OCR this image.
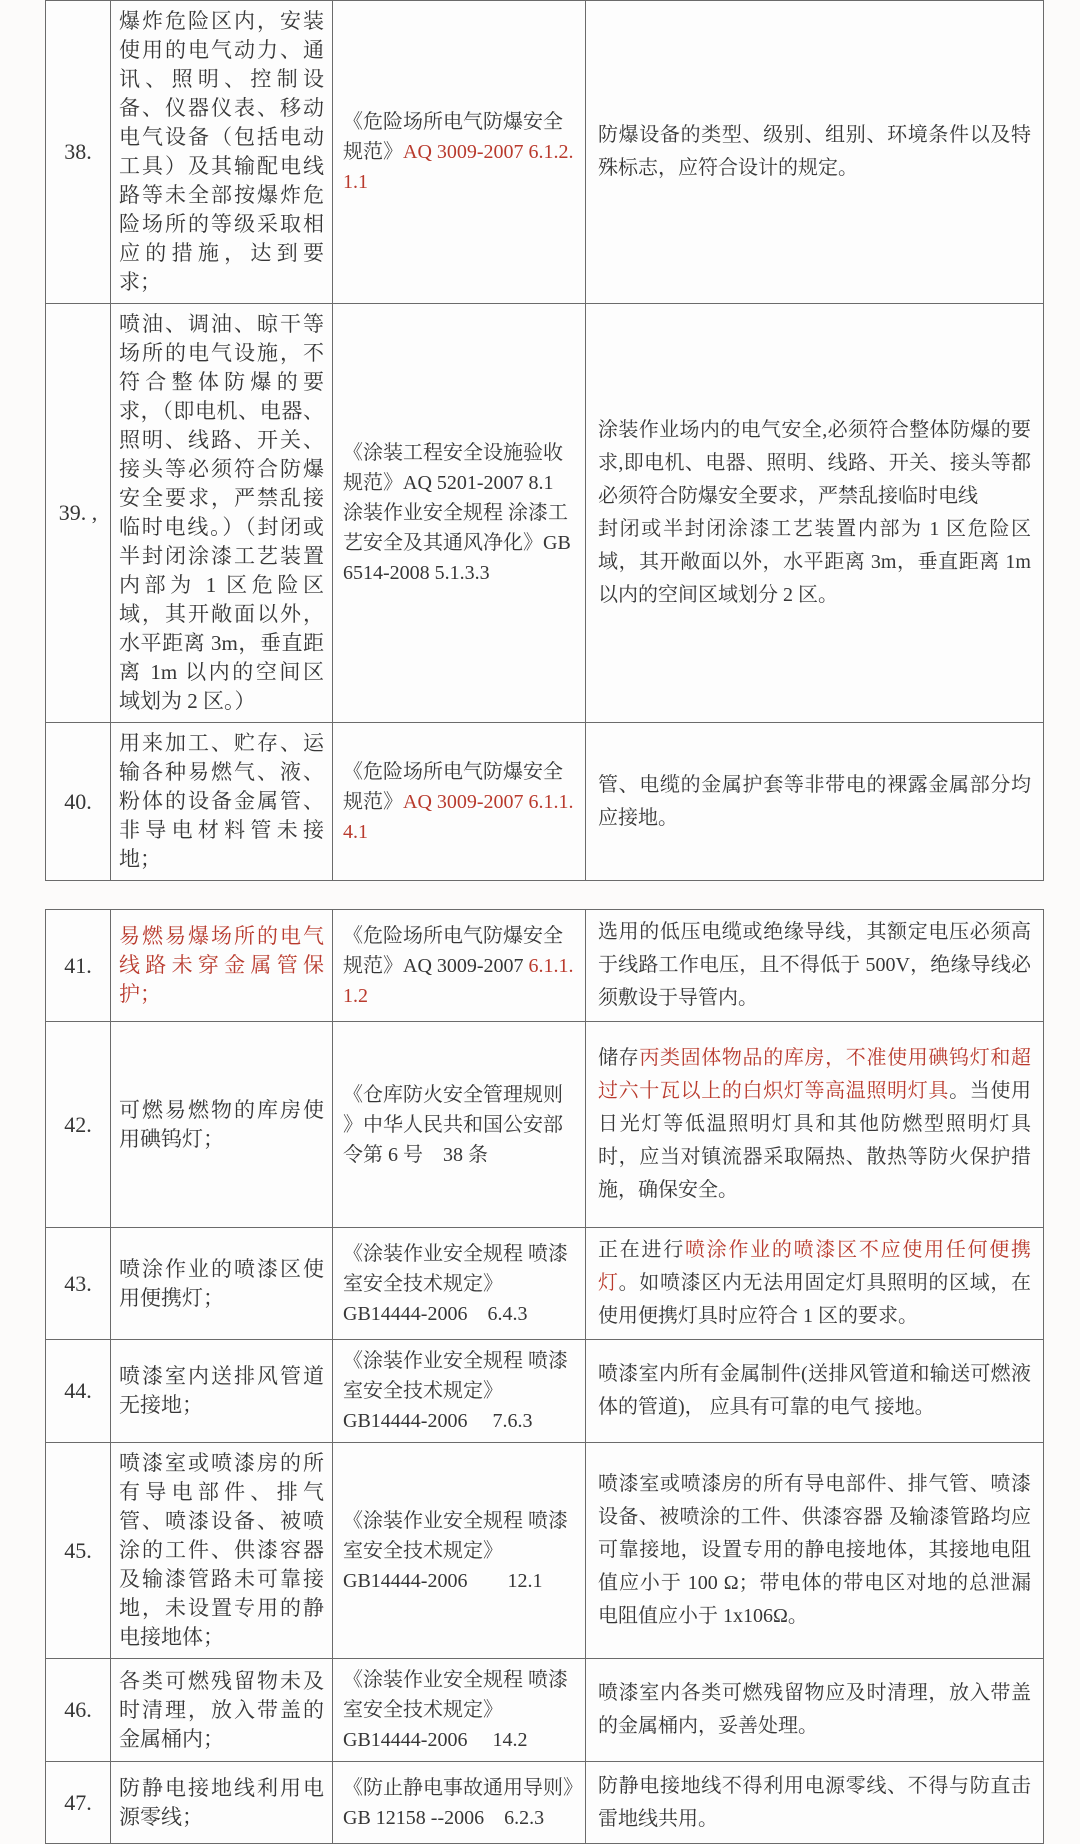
38.	爆炸危险区内，安装使用的电气动力、通讯、照明、控制设备、仪器仪表、移动电气设备（包括电动工具）及其输配电线路等未全部按爆炸危险场所的等级采取相应的措施，达到要求；	《危险场所电气防爆安全规范》AQ 3009-2007 6.1.2.1.1	防爆设备的类型、级别、组别、环境条件以及特殊标志，应符合设计的规定。
39. ,	喷油、调油、晾干等场所的电气设施，不符合整体防爆的要求，（即电机、电器、照明、线路、开关、接头等必须符合防爆安全要求，严禁乱接临时电线。）（封闭或半封闭涂漆工艺装置内部为 1 区危险区域，其开敞面以外，水平距离 3m，垂直距离 1m 以内的空间区域划为 2 区。）	《涂装工程安全设施验收规范》AQ 5201-2007 8.1 涂装作业安全规程 涂漆工艺安全及其通风净化》GB 6514-2008 5.1.3.3	涂装作业场内的电气安全,必须符合整体防爆的要求,即电机、电器、照明、线路、开关、接头等都必须符合防爆安全要求，严禁乱接临时电线
封闭或半封闭涂漆工艺装置内部为 1 区危险区域，其开敞面以外，水平距离 3m，垂直距离 1m 以内的空间区域划分 2 区。

40.	用来加工、贮存、运输各种易燃气、液、粉体的设备金属管、非导电材料管未接地；	《危险场所电气防爆安全规范》AQ 3009-2007 6.1.1.4.1	管、电缆的金属护套等非带电的裸露金属部分均应接地。
41.	易燃易爆场所的电气线路未穿金属管保护；	《危险场所电气防爆安全规范》AQ 3009-2007 6.1.1.1.2	选用的低压电缆或绝缘导线，其额定电压必须高于线路工作电压，且不得低于 500V，绝缘导线必须敷设于导管内。
42.	可燃易燃物的库房使用碘钨灯；	《仓库防火安全管理规则 》中华人民共和国公安部令第 6 号　38 条	储存丙类固体物品的库房，不准使用碘钨灯和超过六十瓦以上的白炽灯等高温照明灯具。当使用日光灯等低温照明灯具和其他防燃型照明灯具时，应当对镇流器采取隔热、散热等防火保护措施，确保安全。
43.	喷涂作业的喷漆区使用便携灯；	《涂装作业安全规程 喷漆室安全技术规定》
GB14444-2006　6.4.3	正在进行喷涂作业的喷漆区不应使用任何便携灯。如喷漆区内无法用固定灯具照明的区域，在使用便携灯具时应符合 1 区的要求。
44.	喷漆室内送排风管道无接地；	《涂装作业安全规程 喷漆室安全技术规定》
GB14444-2006　 7.6.3	喷漆室内所有金属制件(送排风管道和输送可燃液体的管道)， 应具有可靠的电气 接地。
45.	喷漆室或喷漆房的所有导电部件、排气管、喷漆设备、被喷涂的工件、供漆容器及输漆管路未可靠接地，未设置专用的静电接地体；	《涂装作业安全规程 喷漆室安全技术规定》
GB14444-2006　　12.1	喷漆室或喷漆房的所有导电部件、排气管、喷漆设备、被喷涂的工件、供漆容器 及输漆管路均应可靠接地，设置专用的静电接地体，其接地电阻值应小于 100 Ω；带电体的带电区对地的总泄漏电阻值应小于 1x106Ω。
46.	各类可燃残留物未及时清理，放入带盖的金属桶内；	《涂装作业安全规程 喷漆室安全技术规定》
GB14444-2006　 14.2	喷漆室内各类可燃残留物应及时清理，放入带盖的金属桶内，妥善处理。
47.	防静电接地线利用电源零线；	《防止静电事故通用导则》
GB 12158 --2006　6.2.3	防静电接地线不得利用电源零线、不得与防直击雷地线共用。
